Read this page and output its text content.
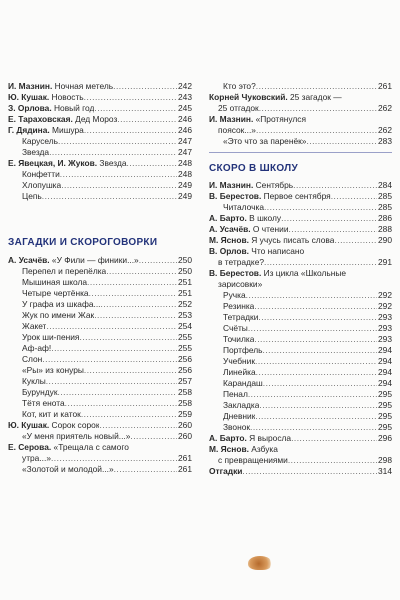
И. Мазнин. Ночная метель .....	242
Ю. Кушак. Новость .....	243
З. Орлова. Новый год .....	245
Е. Тараховская. Дед Мороз .....	246
Г. Дядина. Мишура .....	246
Карусель .....	247
Звезда .....	247
Е. Явецкая, И. Жуков. Звезда .....	248
Конфетти .....	248
Хлопушка .....	249
Цепь .....	249
ЗАГАДКИ И СКОРОГОВОРКИ
А. Усачёв. «У Фили — финики...» .....	250
Перепел и перепёлка .....	250
Мышиная школа .....	251
Четыре чертёнка .....	251
У графа из шкафа... .....	252
Жук по имени Жак .....	253
Жакет .....	254
Урок ши-пения .....	255
Аф-аф! .....	255
Слон .....	256
«Ры» из конуры .....	256
Куклы .....	257
Бурундук .....	258
Тётя енота .....	258
Кот, кит и каток .....	259
Ю. Кушак. Сорок сорок .....	260
«У меня приятель новый...» .....	260
Е. Серова. «Трещала с самого
утра...» .....	261
«Золотой и молодой...» .....	261
Кто это? .....	261
Корней Чуковский. 25 загадок —
25 отгадок .....	262
И. Мазнин. «Протянулся
поясок...» .....	262
«Это что за паренёк» .....	283
СКОРО В ШКОЛУ
И. Мазнин. Сентябрь .....	284
В. Берестов. Первое сентября .....	285
Читалочка .....	285
А. Барто. В школу .....	286
А. Усачёв. О чтении .....	288
М. Яснов. Я учусь писать слова .....	290
В. Орлов. Что написано
в тетрадке? .....	291
В. Берестов. Из цикла «Школьные
зарисовки»
Ручка .....	292
Резинка .....	292
Тетрадки .....	293
Счёты .....	293
Точилка .....	293
Портфель .....	294
Учебник .....	294
Линейка .....	294
Карандаш .....	294
Пенал .....	295
Закладка .....	295
Дневник .....	295
Звонок .....	295
А. Барто. Я выросла .....	296
М. Яснов. Азбука
с превращениями .....	298
Отгадки .....	314
